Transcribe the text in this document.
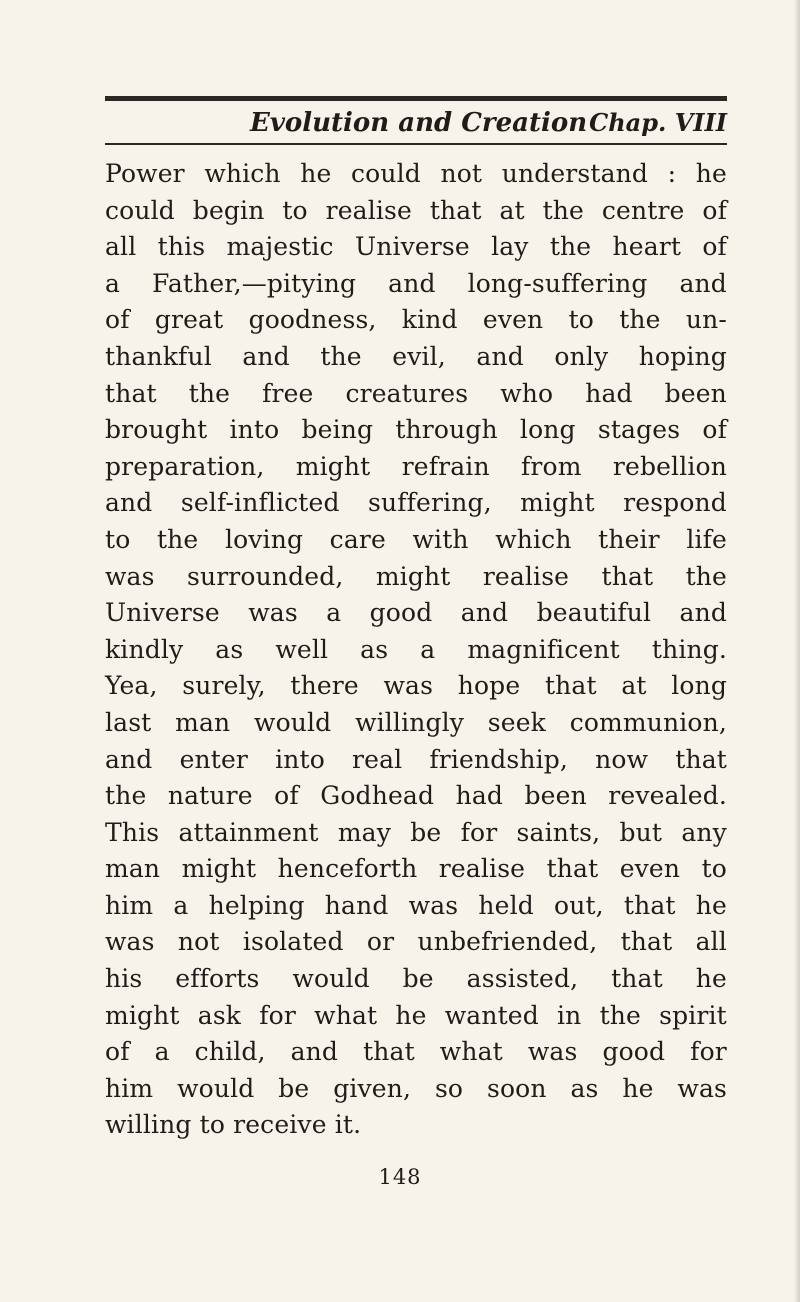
Evolution and Creation Chap. VIII
Power which he could not understand : he
could begin to realise that at the centre of
all this majestic Universe lay the heart of
a Father,—pitying and long-suffering and
of great goodness, kind even to the un-
thankful and the evil, and only hoping
that the free creatures who had been
brought into being through long stages of
preparation, might refrain from rebellion
and self-inflicted suffering, might respond
to the loving care with which their life
was surrounded, might realise that the
Universe was a good and beautiful and
kindly as well as a magnificent thing.
Yea, surely, there was hope that at long
last man would willingly seek communion,
and enter into real friendship, now that
the nature of Godhead had been revealed.
This attainment may be for saints, but any
man might henceforth realise that even to
him a helping hand was held out, that he
was not isolated or unbefriended, that all
his efforts would be assisted, that he
might ask for what he wanted in the spirit
of a child, and that what was good for
him would be given, so soon as he was
willing to receive it.
148
